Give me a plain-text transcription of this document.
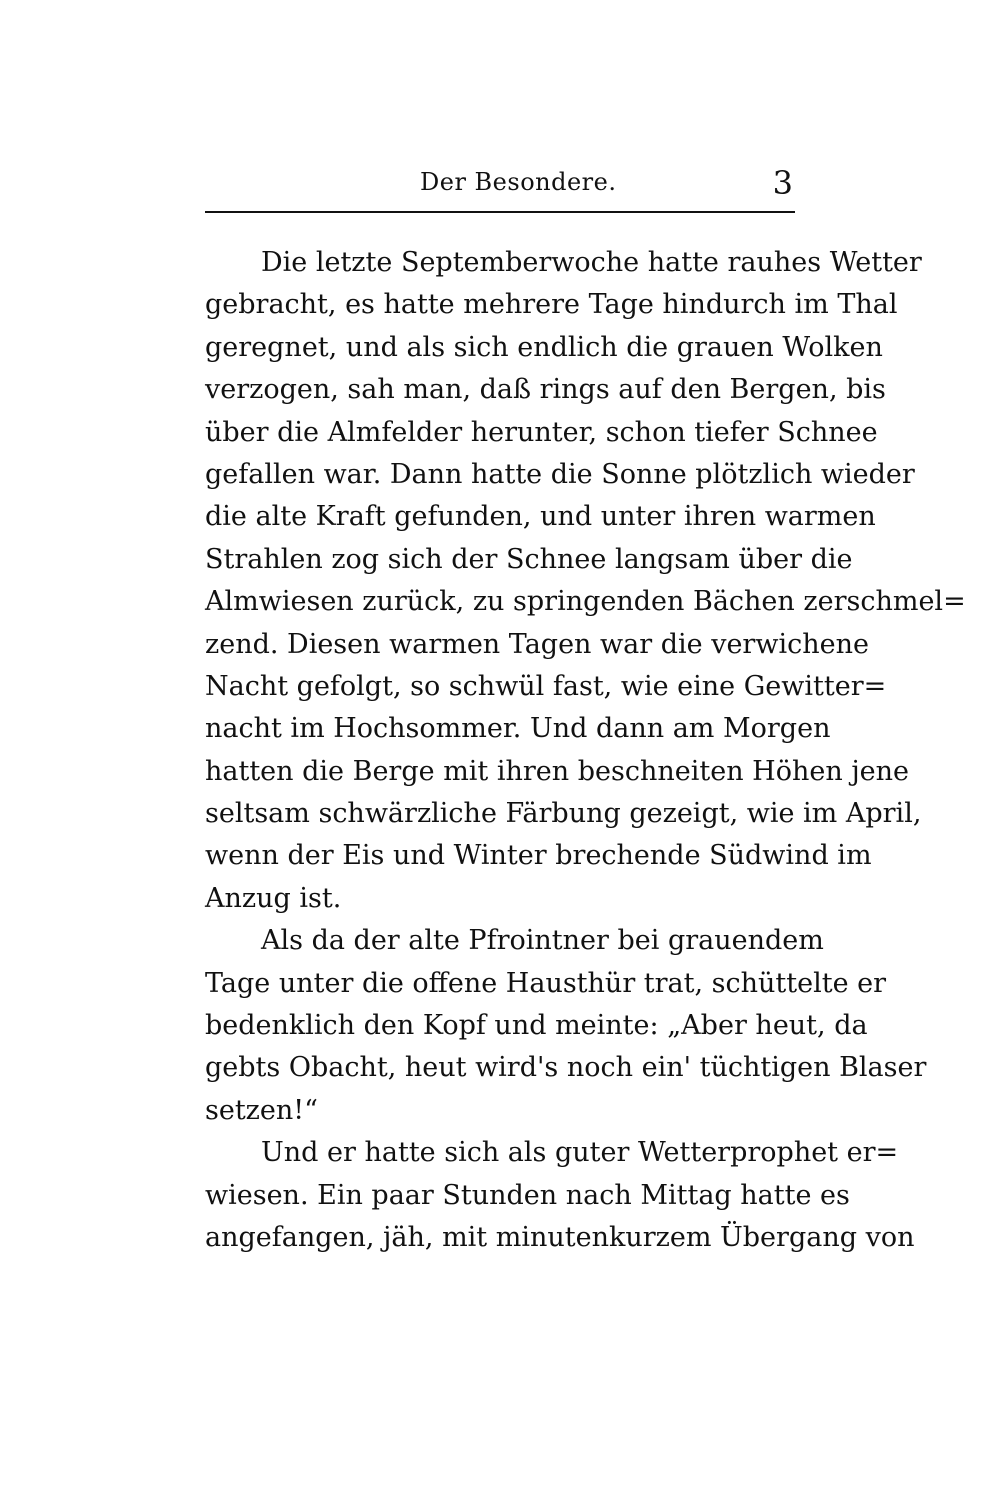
Der Besondere.	3
Die letzte Septemberwoche hatte rauhes Wetter
gebracht, es hatte mehrere Tage hindurch im Thal
geregnet, und als sich endlich die grauen Wolken
verzogen, sah man, daß rings auf den Bergen, bis
über die Almfelder herunter, schon tiefer Schnee
gefallen war. Dann hatte die Sonne plötzlich wieder
die alte Kraft gefunden, und unter ihren warmen
Strahlen zog sich der Schnee langsam über die
Almwiesen zurück, zu springenden Bächen zerschmel=
zend. Diesen warmen Tagen war die verwichene
Nacht gefolgt, so schwül fast, wie eine Gewitter=
nacht im Hochsommer. Und dann am Morgen
hatten die Berge mit ihren beschneiten Höhen jene
seltsam schwärzliche Färbung gezeigt, wie im April,
wenn der Eis und Winter brechende Südwind im
Anzug ist.
Als da der alte Pfrointner bei grauendem
Tage unter die offene Hausthür trat, schüttelte er
bedenklich den Kopf und meinte: „Aber heut, da
gebts Obacht, heut wird's noch ein' tüchtigen Blaser
setzen!“
Und er hatte sich als guter Wetterprophet er=
wiesen. Ein paar Stunden nach Mittag hatte es
angefangen, jäh, mit minutenkurzem Übergang von
